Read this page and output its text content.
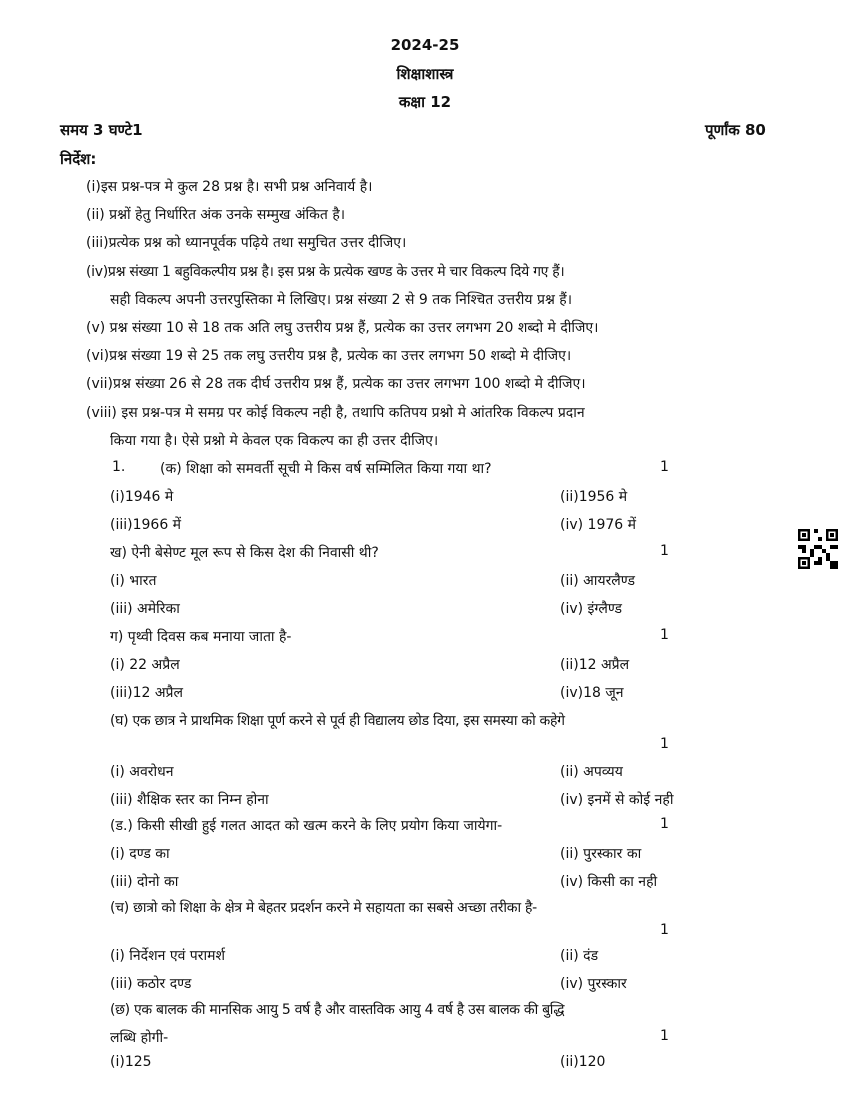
2024-25
शिक्षाशास्त्र
कक्षा 12
समय 3 घण्टे1	पूर्णांक 80
निर्देश:
(i)इस प्रश्न-पत्र मे कुल 28 प्रश्न है। सभी प्रश्न अनिवार्य है।
(ii) प्रश्नों हेतु निर्धारित अंक उनके सम्मुख अंकित है।
(iii)प्रत्येक प्रश्न को ध्यानपूर्वक पढ़िये तथा समुचित उत्तर दीजिए।
(iv)प्रश्न संख्या 1 बहुविकल्पीय प्रश्न है। इस प्रश्न के प्रत्येक खण्ड के उत्तर मे चार विकल्प दिये गए हैं।
सही विकल्प अपनी उत्तरपुस्तिका मे लिखिए। प्रश्न संख्या 2 से 9 तक निश्चित उत्तरीय प्रश्न हैं।
(v) प्रश्न संख्या 10 से 18 तक अति लघु उत्तरीय प्रश्न हैं, प्रत्येक का उत्तर लगभग 20 शब्दो मे दीजिए।
(vi)प्रश्न संख्या 19 से 25 तक लघु उत्तरीय प्रश्न है, प्रत्येक का उत्तर लगभग 50 शब्दो मे दीजिए।
(vii)प्रश्न संख्या 26 से 28 तक दीर्घ उत्तरीय प्रश्न हैं, प्रत्येक का उत्तर लगभग 100 शब्दो मे दीजिए।
(viii) इस प्रश्न-पत्र मे समग्र पर कोई विकल्प नही है, तथापि कतिपय प्रश्नो मे आंतरिक विकल्प प्रदान
किया गया है। ऐसे प्रश्नो मे केवल एक विकल्प का ही उत्तर दीजिए।
1. (क) शिक्षा को समवर्ती सूची मे किस वर्ष सम्मिलित किया गया था?	1
(i)1946 मे	(ii)1956 मे
(iii)1966 में	(iv) 1976 में
ख) ऐनी बेसेण्ट मूल रूप से किस देश की निवासी थी?	1
(i) भारत	(ii) आयरलैण्ड
(iii) अमेरिका	(iv) इंग्लैण्ड
ग) पृथ्वी दिवस कब मनाया जाता है-	1
(i) 22 अप्रैल	(ii)12 अप्रैल
(iii)12 अप्रैल	(iv)18 जून
(घ) एक छात्र ने प्राथमिक शिक्षा पूर्ण करने से पूर्व ही विद्यालय छोड दिया, इस समस्या को कहेगे
1
(i) अवरोधन	(ii) अपव्यय
(iii) शैक्षिक स्तर का निम्न होना	(iv) इनमें से कोई नही
(ड.) किसी सीखी हुई गलत आदत को खत्म करने के लिए प्रयोग किया जायेगा-	1
(i) दण्ड का	(ii) पुरस्कार का
(iii) दोनो का	(iv) किसी का नही
(च) छात्रो को शिक्षा के क्षेत्र मे बेहतर प्रदर्शन करने मे सहायता का सबसे अच्छा तरीका है-
1
(i) निर्देशन एवं परामर्श	(ii) दंड
(iii) कठोर दण्ड	(iv) पुरस्कार
(छ) एक बालक की मानसिक आयु 5 वर्ष है और वास्तविक आयु 4 वर्ष है उस बालक की बुद्धि
लब्धि होगी-	1
(i)125	(ii)120
